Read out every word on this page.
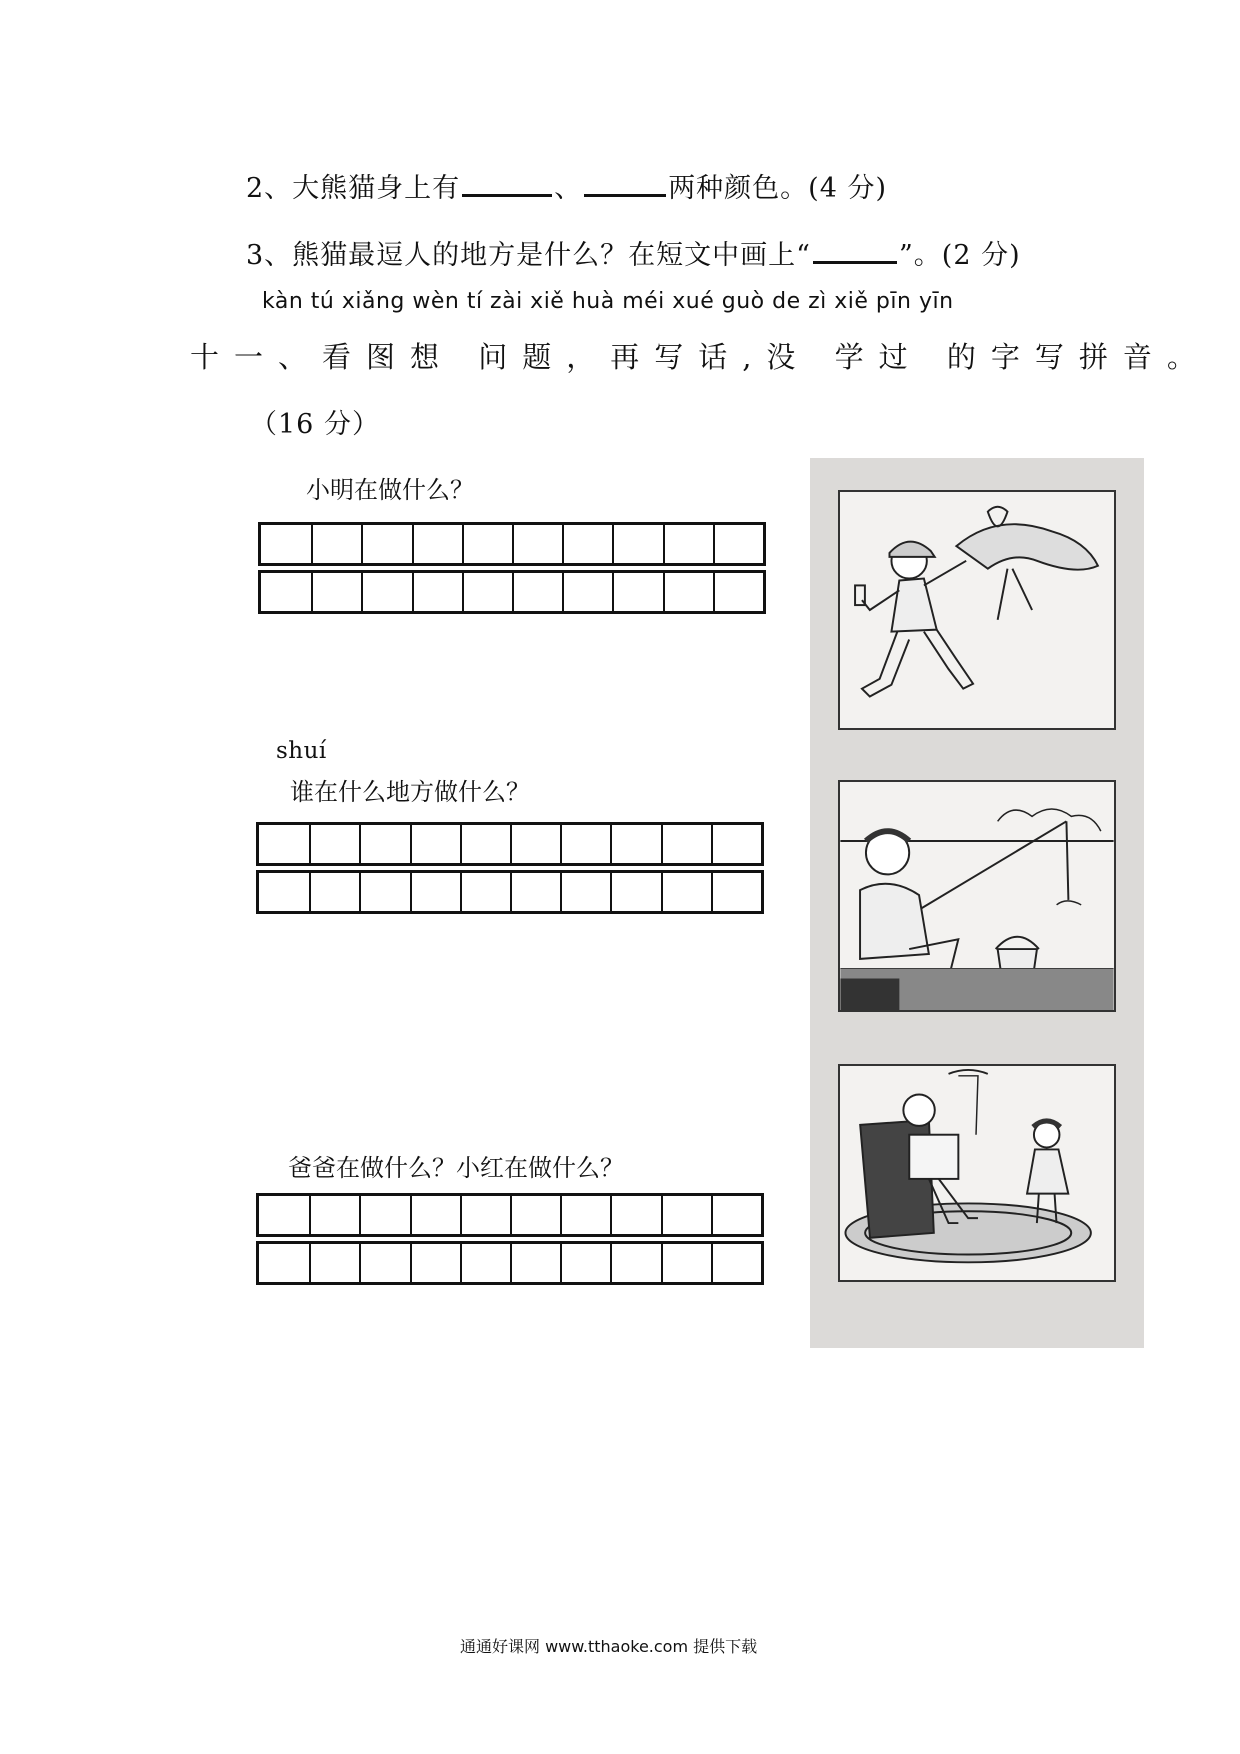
2、大熊猫身上有	、	两种颜色。(4 分)
3、熊猫最逗人的地方是什么？在短文中画上“	”。(2 分)
kàn tú xiǎng wèn tí zài xiě huà méi xué guò de zì xiě pīn yīn
十一、看图想 问题，再写话,没 学过 的字写拼音。
（16 分）
小明在做什么？
shuí
谁在什么地方做什么？
爸爸在做什么？小红在做什么？
通通好课网 www.tthaoke.com 提供下载
